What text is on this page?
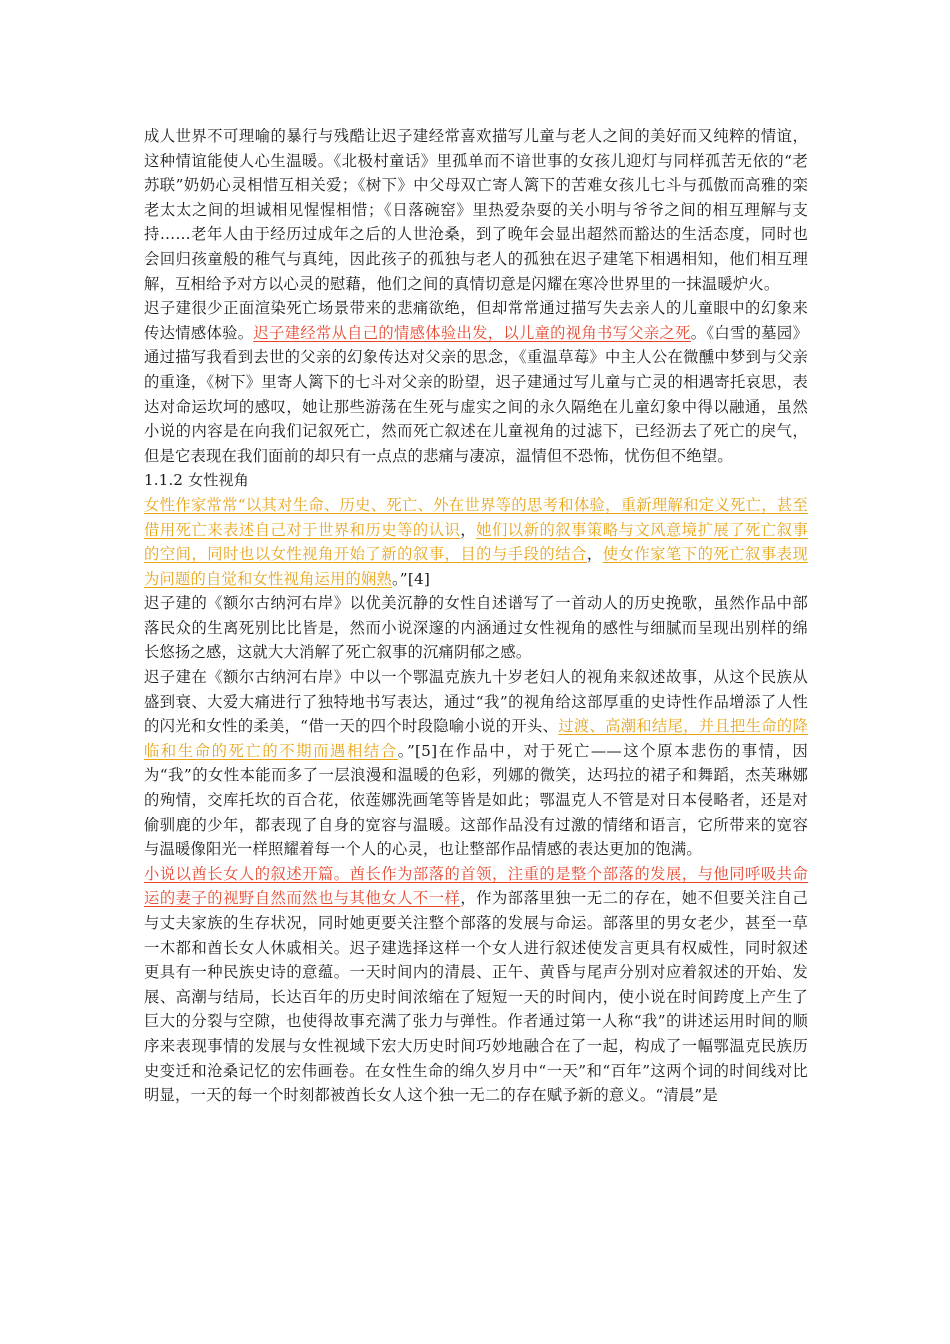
成人世界不可理喻的暴行与残酷让迟子建经常喜欢描写儿童与老人之间的美好而又纯粹的情谊，这种情谊能使人心生温暖。《北极村童话》里孤单而不谙世事的女孩儿迎灯与同样孤苦无依的“老苏联”奶奶心灵相惜互相关爱；《树下》中父母双亡寄人篱下的苦难女孩儿七斗与孤傲而高雅的栾老太太之间的坦诚相见惺惺相惜；《日落碗窑》里热爱杂耍的关小明与爷爷之间的相互理解与支持……老年人由于经历过成年之后的人世沧桑，到了晚年会显出超然而豁达的生活态度，同时也会回归孩童般的稚气与真纯，因此孩子的孤独与老人的孤独在迟子建笔下相遇相知，他们相互理解，互相给予对方以心灵的慰藉，他们之间的真情切意是闪耀在寒冷世界里的一抹温暖炉火。

迟子建很少正面渲染死亡场景带来的悲痛欲绝，但却常常通过描写失去亲人的儿童眼中的幻象来传达情感体验。迟子建经常从自己的情感体验出发，以儿童的视角书写父亲之死。《白雪的墓园》通过描写我看到去世的父亲的幻象传达对父亲的思念，《重温草莓》中主人公在微醺中梦到与父亲的重逢，《树下》里寄人篱下的七斗对父亲的盼望，迟子建通过写儿童与亡灵的相遇寄托哀思，表达对命运坎坷的感叹，她让那些游荡在生死与虚实之间的永久隔绝在儿童幻象中得以融通，虽然小说的内容是在向我们记叙死亡，然而死亡叙述在儿童视角的过滤下，已经沥去了死亡的戾气，但是它表现在我们面前的却只有一点点的悲痛与凄凉，温情但不恐怖，忧伤但不绝望。

1.1.2 女性视角

女性作家常常“以其对生命、历史、死亡、外在世界等的思考和体验，重新理解和定义死亡，甚至借用死亡来表述自己对于世界和历史等的认识，她们以新的叙事策略与文风意境扩展了死亡叙事的空间，同时也以女性视角开始了新的叙事，目的与手段的结合，使女作家笔下的死亡叙事表现为问题的自觉和女性视角运用的娴熟。”[4]

迟子建的《额尔古纳河右岸》以优美沉静的女性自述谱写了一首动人的历史挽歌，虽然作品中部落民众的生离死别比比皆是，然而小说深邃的内涵通过女性视角的感性与细腻而呈现出别样的绵长悠扬之感，这就大大消解了死亡叙事的沉痛阴郁之感。

迟子建在《额尔古纳河右岸》中以一个鄂温克族九十岁老妇人的视角来叙述故事，从这个民族从盛到衰、大爱大痛进行了独特地书写表达，通过“我”的视角给这部厚重的史诗性作品增添了人性的闪光和女性的柔美，“借一天的四个时段隐喻小说的开头、过渡、高潮和结尾，并且把生命的降临和生命的死亡的不期而遇相结合。”[5]在作品中，对于死亡——这个原本悲伤的事情，因为“我”的女性本能而多了一层浪漫和温暖的色彩，列娜的微笑，达玛拉的裙子和舞蹈，杰芙琳娜的殉情，交库托坎的百合花，依莲娜洗画笔等皆是如此；鄂温克人不管是对日本侵略者，还是对偷驯鹿的少年，都表现了自身的宽容与温暖。这部作品没有过激的情绪和语言，它所带来的宽容与温暖像阳光一样照耀着每一个人的心灵，也让整部作品情感的表达更加的饱满。

小说以酋长女人的叙述开篇。酋长作为部落的首领，注重的是整个部落的发展，与他同呼吸共命运的妻子的视野自然而然也与其他女人不一样，作为部落里独一无二的存在，她不但要关注自己与丈夫家族的生存状况，同时她更要关注整个部落的发展与命运。部落里的男女老少，甚至一草一木都和酋长女人休戚相关。迟子建选择这样一个女人进行叙述使发言更具有权威性，同时叙述更具有一种民族史诗的意蕴。一天时间内的清晨、正午、黄昏与尾声分别对应着叙述的开始、发展、高潮与结局，长达百年的历史时间浓缩在了短短一天的时间内，使小说在时间跨度上产生了巨大的分裂与空隙，也使得故事充满了张力与弹性。作者通过第一人称“我”的讲述运用时间的顺序来表现事情的发展与女性视域下宏大历史时间巧妙地融合在了一起，构成了一幅鄂温克民族历史变迁和沧桑记忆的宏伟画卷。在女性生命的绵久岁月中“一天”和“百年”这两个词的时间线对比明显，一天的每一个时刻都被酋长女人这个独一无二的存在赋予新的意义。“清晨”是
